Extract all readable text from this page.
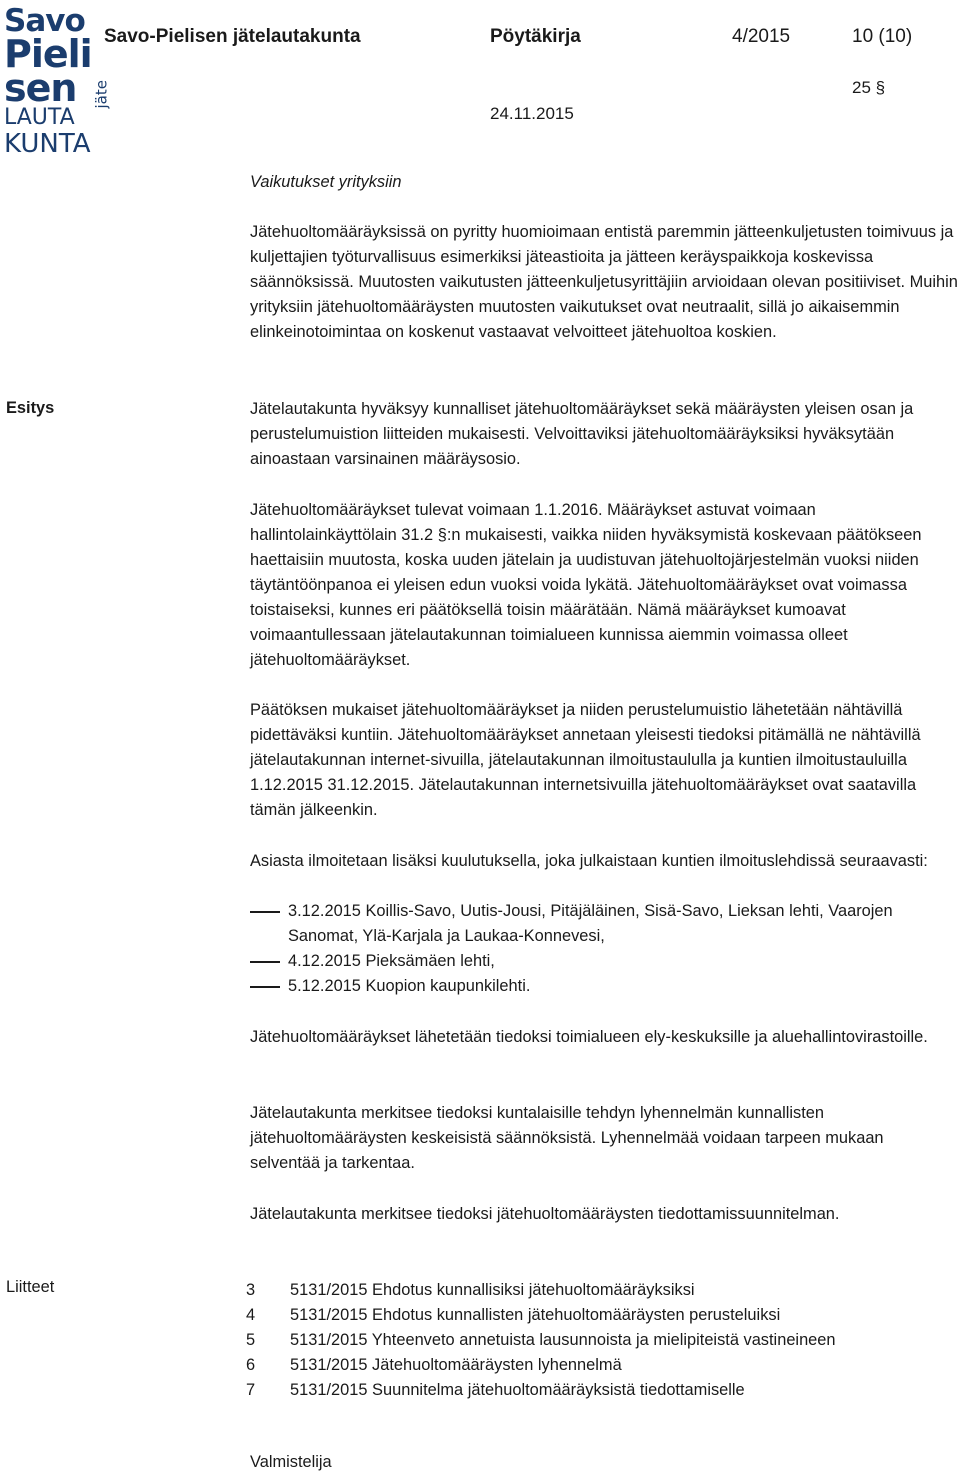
Savo
Pieli
sen
LAUTA
KUNTA
jäte
Savo-Pielisen jätelautakunta	Pöytäkirja	4/2015	10 (10)
25 §
24.11.2015

Vaikutukset yrityksiin

Jätehuoltomääräyksissä on pyritty huomioimaan entistä paremmin jätteenkuljetusten toimivuus ja kuljettajien työturvallisuus esimerkiksi jäteastioita ja jätteen keräyspaikkoja koskevissa säännöksissä. Muutosten vaikutusten jätteenkuljetusyrittäjiin arvioidaan olevan positiiviset. Muihin yrityksiin jätehuoltomääräysten muutosten vaikutukset ovat neutraalit, sillä jo aikaisemmin elinkeinotoimintaa on koskenut vastaavat velvoitteet jätehuoltoa koskien.

Esitys	Jätelautakunta hyväksyy kunnalliset jätehuoltomääräykset sekä määräysten yleisen osan ja perustelumuistion liitteiden mukaisesti. Velvoittaviksi jätehuoltomääräyksiksi hyväksytään ainoastaan varsinainen määräysosio.

Jätehuoltomääräykset tulevat voimaan 1.1.2016. Määräykset astuvat voimaan hallintolainkäyttölain 31.2 §:n mukaisesti, vaikka niiden hyväksymistä koskevaan päätökseen haettaisiin muutosta, koska uuden jätelain ja uudistuvan jätehuoltojärjestelmän vuoksi niiden täytäntöönpanoa ei yleisen edun vuoksi voida lykätä. Jätehuoltomääräykset ovat voimassa toistaiseksi, kunnes eri päätöksellä toisin määrätään. Nämä määräykset kumoavat voimaantullessaan jätelautakunnan toimialueen kunnissa aiemmin voimassa olleet jätehuoltomääräykset.

Päätöksen mukaiset jätehuoltomääräykset ja niiden perustelumuistio lähetetään nähtävillä pidettäväksi kuntiin. Jätehuoltomääräykset annetaan yleisesti tiedoksi pitämällä ne nähtävillä jätelautakunnan internet-sivuilla, jätelautakunnan ilmoitustaululla ja kuntien ilmoitustauluilla 1.12.2015 31.12.2015. Jätelautakunnan internetsivuilla jätehuoltomääräykset ovat saatavilla tämän jälkeenkin.

Asiasta ilmoitetaan lisäksi kuulutuksella, joka julkaistaan kuntien ilmoituslehdissä seuraavasti:

3.12.2015 Koillis-Savo, Uutis-Jousi, Pitäjäläinen, Sisä-Savo, Lieksan lehti, Vaarojen Sanomat, Ylä-Karjala ja Laukaa-Konnevesi,
4.12.2015 Pieksämäen lehti,
5.12.2015 Kuopion kaupunkilehti.

Jätehuoltomääräykset lähetetään tiedoksi toimialueen ely-keskuksille ja aluehallintovirastoille.

Jätelautakunta merkitsee tiedoksi kuntalaisille tehdyn lyhennelmän kunnallisten jätehuoltomääräysten keskeisistä säännöksistä. Lyhennelmää voidaan tarpeen mukaan selventää ja tarkentaa.

Jätelautakunta merkitsee tiedoksi jätehuoltomääräysten tiedottamissuunnitelman.

Liitteet	3 5131/2015 Ehdotus kunnallisiksi jätehuoltomääräyksiksi
4 5131/2015 Ehdotus kunnallisten jätehuoltomääräysten perusteluiksi
5 5131/2015 Yhteenveto annetuista lausunnoista ja mielipiteistä vastineineen
6 5131/2015 Jätehuoltomääräysten lyhennelmä
7 5131/2015 Suunnitelma jätehuoltomääräyksistä tiedottamiselle
Valmistelija
